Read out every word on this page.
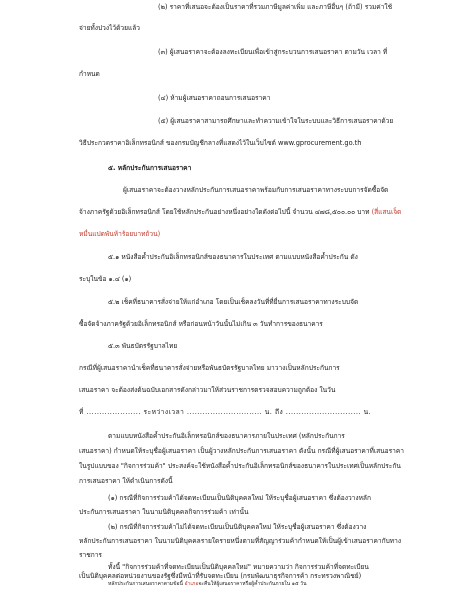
(๒) ราคาที่เสนอจะต้องเป็นราคาที่รวมภาษีมูลค่าเพิ่ม และภาษีอื่นๆ (ถ้ามี) รวมค่าใช้
จ่ายทั้งปวงไว้ด้วยแล้ว
(๓) ผู้เสนอราคาจะต้องลงทะเบียนเพื่อเข้าสู่กระบวนการเสนอราคา ตามวัน เวลา ที่
กำหนด
(๔) ห้ามผู้เสนอราคาถอนการเสนอราคา
(๕) ผู้เสนอราคาสามารถศึกษาและทำความเข้าใจในระบบและวิธีการเสนอราคาด้วย
วิธีประกวดราคาอิเล็กทรอนิกส์ ของกรมบัญชีกลางที่แสดงไว้ในเว็บไซต์ www.gprocurement.go.th
๕. หลักประกันการเสนอราคา
ผู้เสนอราคาจะต้องวางหลักประกันการเสนอราคาพร้อมกับการเสนอราคาทางระบบการจัดซื้อจัด
จ้างภาครัฐด้วยอิเล็กทรอนิกส์ โดยใช้หลักประกันอย่างหนึ่งอย่างใดดังต่อไปนี้ จำนวน ๔๗๘,๕๐๐.๐๐ บาท (สี่แสนเจ็ด
หมื่นแปดพันห้าร้อยบาทถ้วน)
๕.๑ หนังสือค้ำประกันอิเล็กทรอนิกส์ของธนาคารในประเทศ ตามแบบหนังสือค้ำประกัน ดัง
ระบุในข้อ ๑.๔ (๑)
๕.๒ เช็คที่ธนาคารสั่งจ่ายให้แก่อำเภอ โดยเป็นเช็คลงวันที่ที่ยื่นการเสนอราคาทางระบบจัด
ซื้อจัดจ้างภาครัฐด้วยอิเล็กทรอนิกส์ หรือก่อนหน้าวันนั้นไม่เกิน ๓ วันทำการของธนาคาร
๕.๓ พันธบัตรรัฐบาลไทย
กรณีที่ผู้เสนอราคานำเช็คที่ธนาคารสั่งจ่ายหรือพันธบัตรรัฐบาลไทย มาวางเป็นหลักประกันการ
เสนอราคา จะต้องส่งต้นฉบับเอกสารดังกล่าวมาให้ส่วนราชการตรวจสอบความถูกต้อง ในวัน
ที่ ..................... ระหว่างเวลา ............................. น. ถึง ............................. น.
ตามแบบหนังสือค้ำประกันอิเล็กทรอนิกส์ของธนาคารภายในประเทศ (หลักประกันการ
เสนอราคา) กำหนดให้ระบุชื่อผู้เสนอราคา เป็นผู้วางหลักประกันการเสนอราคา ดังนั้น กรณีที่ผู้เสนอราคาที่เสนอราคา
ในรูปแบบของ "กิจการร่วมค้า" ประสงค์จะใช้หนังสือค้ำประกันอิเล็กทรอนิกส์ของธนาคารในประเทศเป็นหลักประกัน
การเสนอราคา ให้ดำเนินการดังนี้
(๑) กรณีที่กิจการร่วมค้าได้จดทะเบียนเป็นนิติบุคคลใหม่ ให้ระบุชื่อผู้เสนอราคา ซึ่งต้องวางหลัก
ประกันการเสนอราคา ในนามนิติบุคคลกิจการร่วมค้า เท่านั้น
(๒) กรณีที่กิจการร่วมค้าไม่ได้จดทะเบียนเป็นนิติบุคคลใหม่ ให้ระบุชื่อผู้เสนอราคา ซึ่งต้องวาง
หลักประกันการเสนอราคา ในนามนิติบุคคลรายใดรายหนึ่งตามที่สัญญาร่วมค้ากำหนดให้เป็นผู้เข้าเสนอราคากับทาง
ราชการ
ทั้งนี้ "กิจการร่วมค้าที่จดทะเบียนเป็นนิติบุคคลใหม่" หมายความว่า กิจการร่วมค้าที่จดทะเบียน
เป็นนิติบุคคลต่อหน่วยงานของรัฐซึ่งมีหน้าที่รับจดทะเบียน (กรมพัฒนาธุรกิจการค้า กระทรวงพาณิชย์)
หลักประกันการเสนอราคาตามข้อนี้ อำเภอจะคืนให้ผู้เสนอราคาหรือผู้ค้ำประกันภายใน ๑๕ วัน
